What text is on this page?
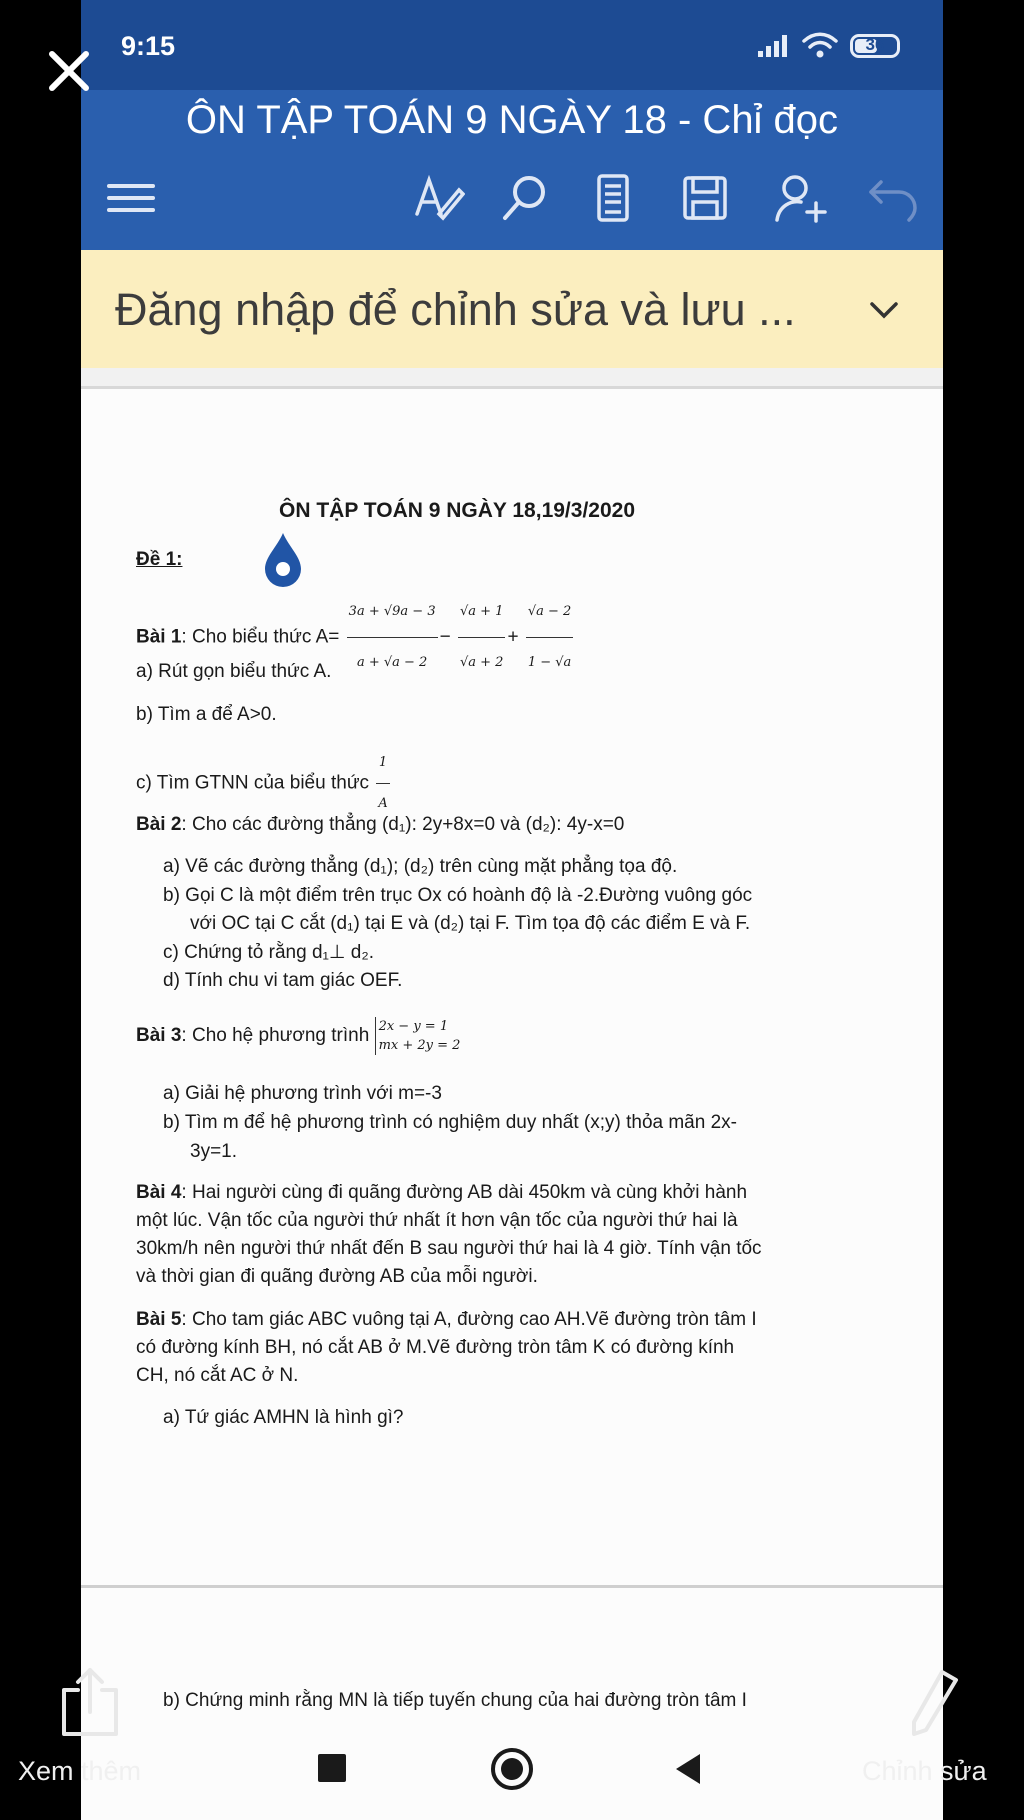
ÔN TẬP TOÁN 9 NGÀY 18 - Chỉ đọc
Đăng nhập để chỉnh sửa và lưu ...
ÔN TẬP TOÁN 9 NGÀY 18,19/3/2020
Đề 1:
Bài 1: Cho biểu thức $A= \frac{3a + √9a - 3}{a + √a - 2} - \frac{√a + 1}{√a + 2} + \frac{√a - 2}{1 - √a}$
a) Rút gọn biểu thức A.
b) Tìm a để A>0.
c) Tìm GTNN của biểu thức $\frac{1}{A}$
Bài 2: Cho các đường thẳng (d₁): 2y+8x=0 và (d₂): 4y-x=0
a) Vẽ các đường thẳng (d₁); (d₂) trên cùng mặt phẳng tọa độ.
b) Gọi C là một điểm trên trục Ox có hoành độ là -2.Đường vuông góc
với OC tại C cắt (d₁) tại E và (d₂) tại F. Tìm tọa độ các điểm E và F.
c) Chứng tỏ rằng d₁⊥ d₂.
d) Tính chu vi tam giác OEF.
Bài 3: Cho hệ phương trình 2x − y = 1
mx + 2y = 2
a) Giải hệ phương trình với m=-3
b) Tìm m để hệ phương trình có nghiệm duy nhất (x;y) thỏa mãn 2x-
3y=1.
Bài 4: Hai người cùng đi quãng đường AB dài 450km và cùng khởi hành
một lúc. Vận tốc của người thứ nhất ít hơn vận tốc của người thứ hai là
30km/h nên người thứ nhất đến B sau người thứ hai là 4 giờ. Tính vận tốc
và thời gian đi quãng đường AB của mỗi người.
Bài 5: Cho tam giác ABC vuông tại A, đường cao AH.Vẽ đường tròn tâm I
có đường kính BH, nó cắt AB ở M.Vẽ đường tròn tâm K có đường kính
CH, nó cắt AC ở N.
a) Tứ giác AMHN là hình gì?
b) Chứng minh rằng MN là tiếp tuyến chung của hai đường tròn tâm I
9:15	36
Xem thêm	Chỉnh sửa
